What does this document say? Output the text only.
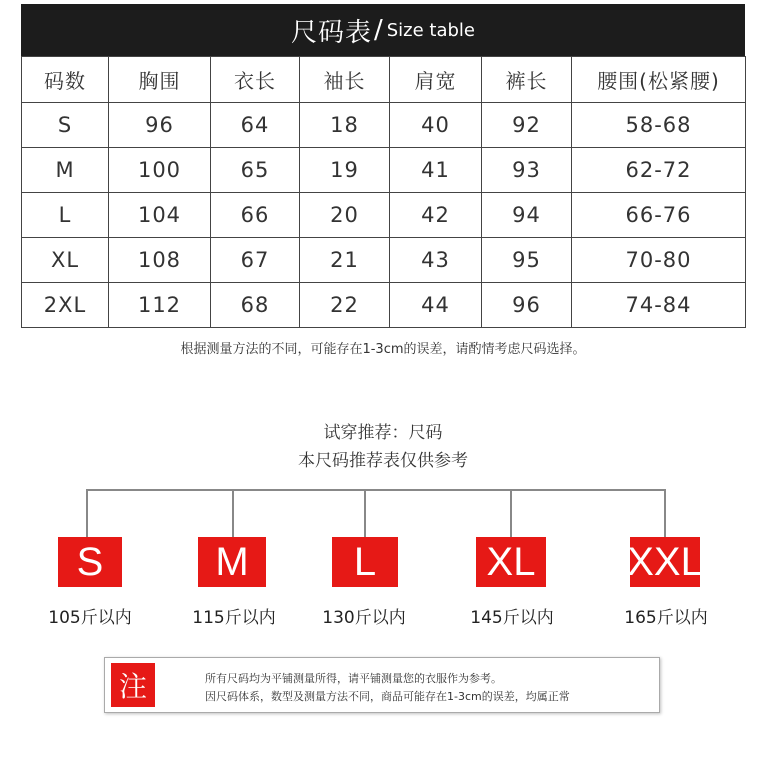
尺码表 / Size table
码数	胸围	衣长	袖长	肩宽	裤长	腰围(松紧腰)
S	96	64	18	40	92	58-68
M	100	65	19	41	93	62-72
L	104	66	20	42	94	66-76
XL	108	67	21	43	95	70-80
2XL	112	68	22	44	96	74-84
根据测量方法的不同，可能存在1-3cm的误差，请酌情考虑尺码选择。
试穿推荐：尺码
本尺码推荐表仅供参考
S	M	L	XL XXL
105斤以内	115斤以内	130斤以内	145斤以内	165斤以内
注	所有尺码均为平铺测量所得，请平铺测量您的衣服作为参考。
因尺码体系，数型及测量方法不同，商品可能存在1-3cm的误差，均属正常
